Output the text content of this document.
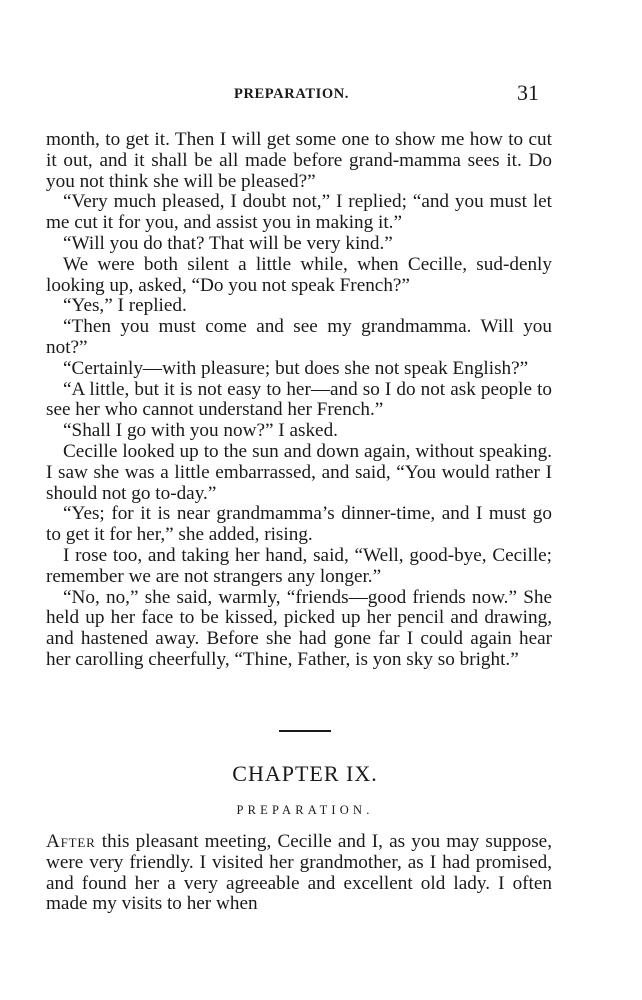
PREPARATION.	31

month, to get it. Then I will get some one to show me how to cut it out, and it shall be all made before grand-mamma sees it. Do you not think she will be pleased?”

“Very much pleased, I doubt not,” I replied; “and you must let me cut it for you, and assist you in making it.”

“Will you do that? That will be very kind.”

We were both silent a little while, when Cecille, sud-denly looking up, asked, “Do you not speak French?”

“Yes,” I replied.

“Then you must come and see my grandmamma. Will you not?”

“Certainly—with pleasure; but does she not speak English?”

“A little, but it is not easy to her—and so I do not ask people to see her who cannot understand her French.”

“Shall I go with you now?” I asked.

Cecille looked up to the sun and down again, without speaking. I saw she was a little embarrassed, and said, “You would rather I should not go to-day.”

“Yes; for it is near grandmamma’s dinner-time, and I must go to get it for her,” she added, rising.

I rose too, and taking her hand, said, “Well, good-bye, Cecille; remember we are not strangers any longer.”

“No, no,” she said, warmly, “friends—good friends now.” She held up her face to be kissed, picked up her pencil and drawing, and hastened away. Before she had gone far I could again hear her carolling cheerfully, “Thine, Father, is yon sky so bright.”

CHAPTER IX.
PREPARATION.

After this pleasant meeting, Cecille and I, as you may suppose, were very friendly. I visited her grandmother, as I had promised, and found her a very agreeable and excellent old lady. I often made my visits to her when
